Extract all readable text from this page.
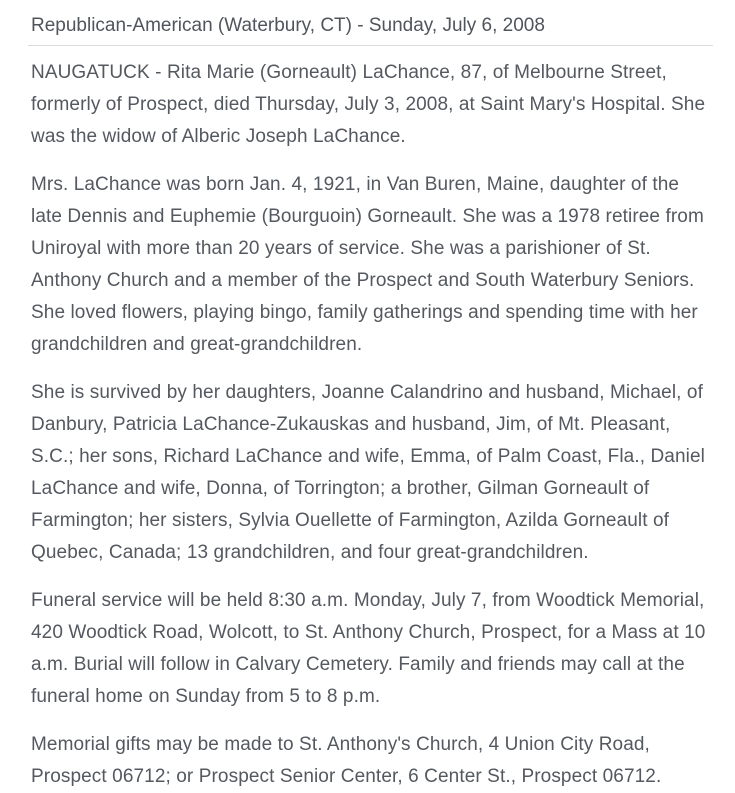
Republican-American (Waterbury, CT) - Sunday, July 6, 2008

NAUGATUCK - Rita Marie (Gorneault) LaChance, 87, of Melbourne Street, formerly of Prospect, died Thursday, July 3, 2008, at Saint Mary's Hospital. She was the widow of Alberic Joseph LaChance.

Mrs. LaChance was born Jan. 4, 1921, in Van Buren, Maine, daughter of the late Dennis and Euphemie (Bourguoin) Gorneault. She was a 1978 retiree from Uniroyal with more than 20 years of service. She was a parishioner of St. Anthony Church and a member of the Prospect and South Waterbury Seniors. She loved flowers, playing bingo, family gatherings and spending time with her grandchildren and great-grandchildren.

She is survived by her daughters, Joanne Calandrino and husband, Michael, of Danbury, Patricia LaChance-Zukauskas and husband, Jim, of Mt. Pleasant, S.C.; her sons, Richard LaChance and wife, Emma, of Palm Coast, Fla., Daniel LaChance and wife, Donna, of Torrington; a brother, Gilman Gorneault of Farmington; her sisters, Sylvia Ouellette of Farmington, Azilda Gorneault of Quebec, Canada; 13 grandchildren, and four great-grandchildren.

Funeral service will be held 8:30 a.m. Monday, July 7, from Woodtick Memorial, 420 Woodtick Road, Wolcott, to St. Anthony Church, Prospect, for a Mass at 10 a.m. Burial will follow in Calvary Cemetery. Family and friends may call at the funeral home on Sunday from 5 to 8 p.m.

Memorial gifts may be made to St. Anthony's Church, 4 Union City Road, Prospect 06712; or Prospect Senior Center, 6 Center St., Prospect 06712.
